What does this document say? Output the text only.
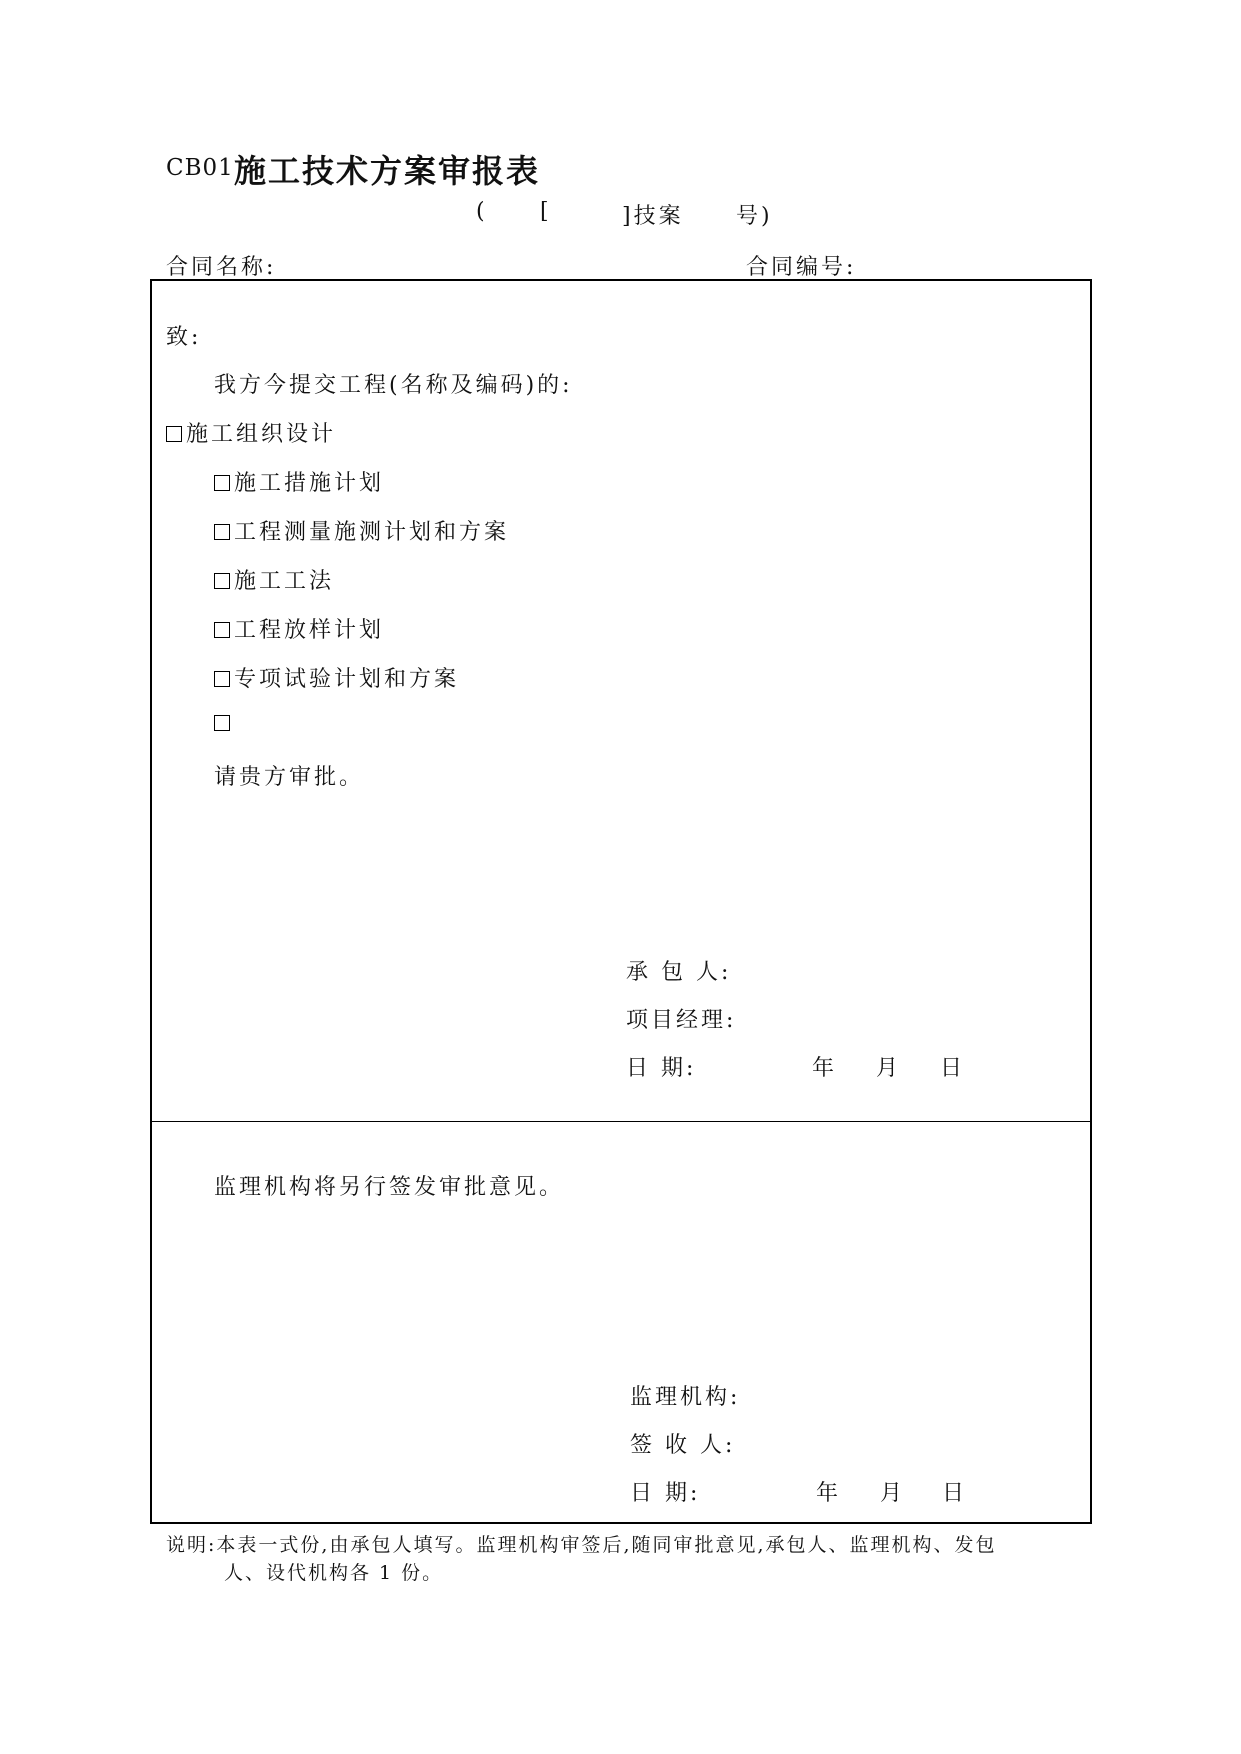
CB01 施工技术方案审报表
( [	]技案 号)
合同名称:	合同编号:
致:
我方今提交工程(名称及编码)的:
施工组织设计
施工措施计划
工程测量施测计划和方案
施工工法
工程放样计划
专项试验计划和方案
请贵方审批。
承 包 人:
项目经理:
日 期:	年 月 日
监理机构将另行签发审批意见。
监理机构:
签 收 人:
日 期:	年 月 日
说明:本表一式份,由承包人填写。监理机构审签后,随同审批意见,承包人、监理机构、发包
人、设代机构各 1 份。
